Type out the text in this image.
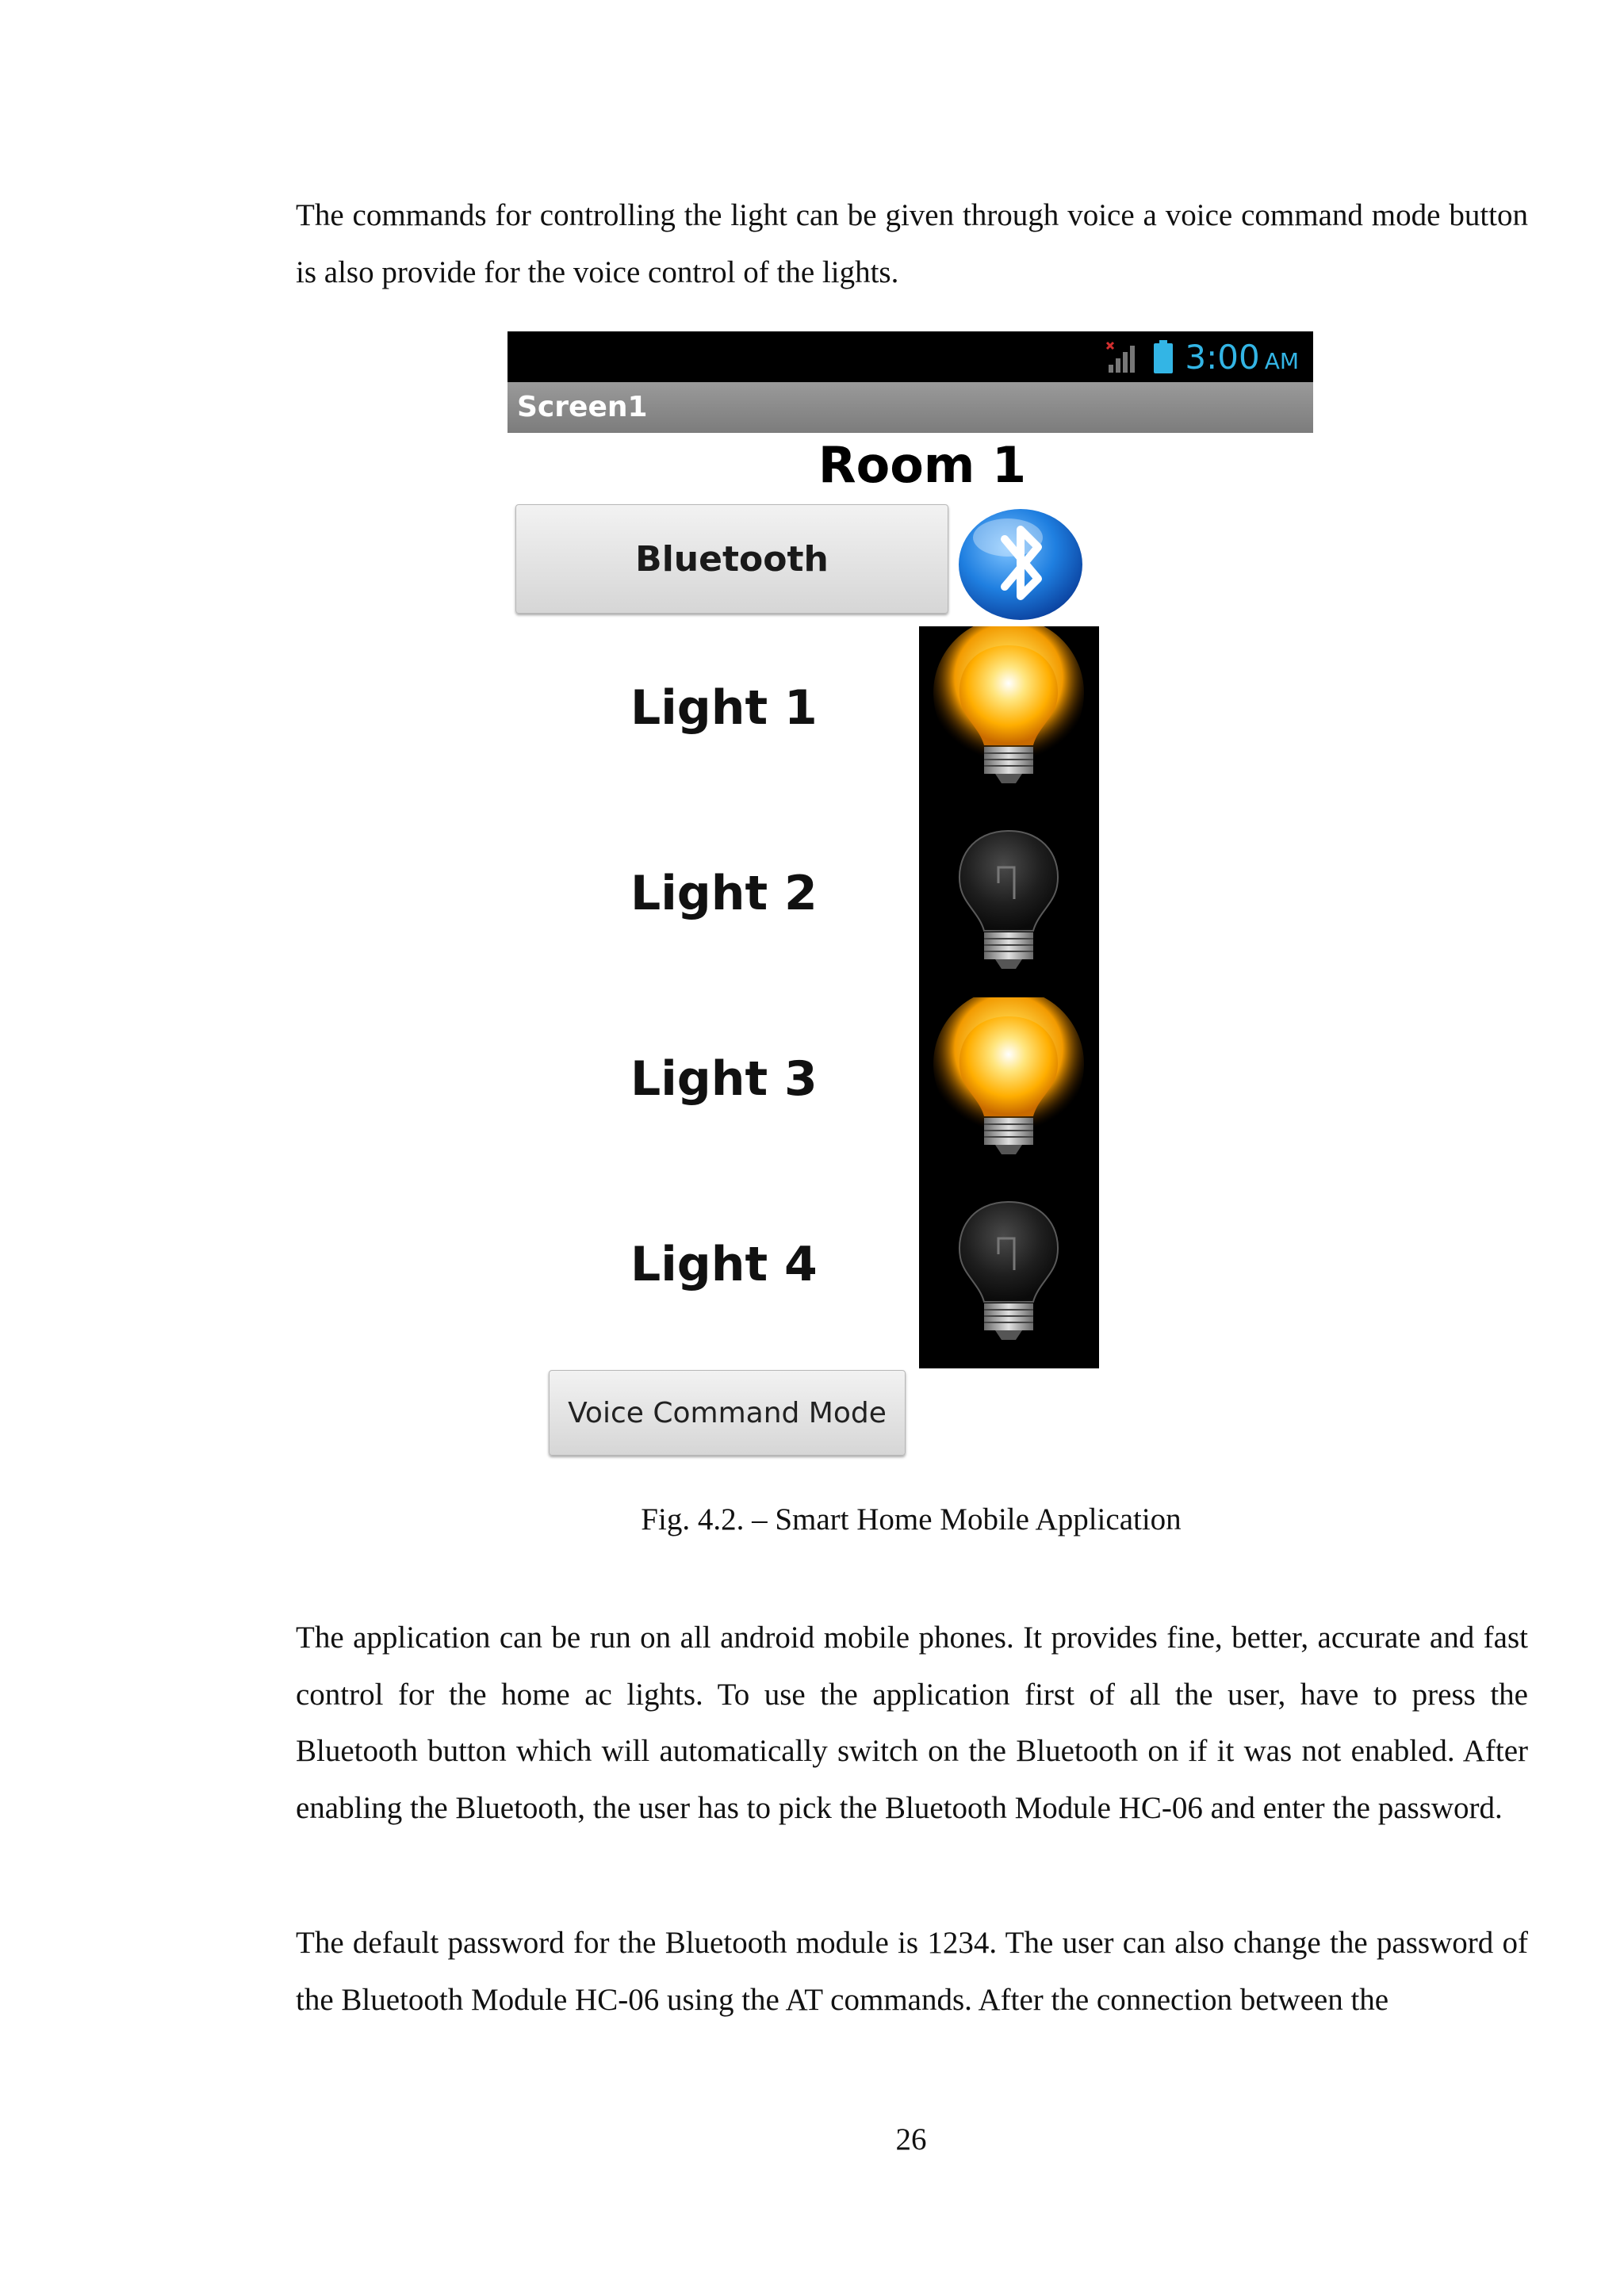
The commands for controlling the light can be given through voice a voice command mode button is also provide for the voice control of the lights.

3:00 AM
Screen1
Room 1
Bluetooth
Light 1
Light 2
Light 3
Light 4
Voice Command Mode

Fig. 4.2. – Smart Home Mobile Application

The application can be run on all android mobile phones. It provides fine, better, accurate and fast control for the home ac lights. To use the application first of all the user, have to press the Bluetooth button which will automatically switch on the Bluetooth on if it was not enabled. After enabling the Bluetooth, the user has to pick the Bluetooth Module HC-06 and enter the password.

The default password for the Bluetooth module is 1234. The user can also change the password of the Bluetooth Module HC-06 using the AT commands. After the connection between the

26
